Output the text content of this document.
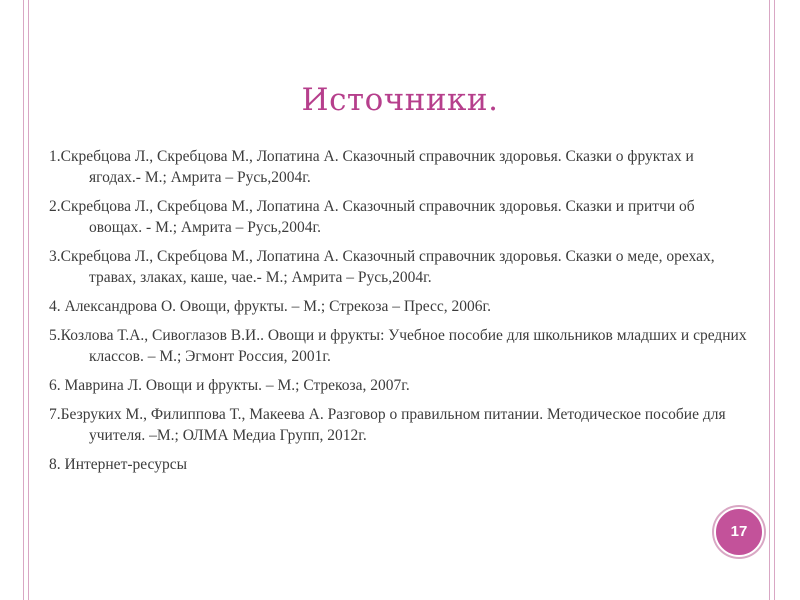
Источники.
1.Скребцова Л., Скребцова М., Лопатина А. Сказочный справочник здоровья. Сказки о фруктах и ягодах.- М.; Амрита – Русь,2004г.
2.Скребцова Л., Скребцова М., Лопатина А. Сказочный справочник здоровья. Сказки и притчи об овощах. - М.; Амрита – Русь,2004г.
3.Скребцова Л., Скребцова М., Лопатина А. Сказочный справочник здоровья. Сказки о меде, орехах, травах, злаках, каше, чае.- М.; Амрита – Русь,2004г.
4. Александрова О. Овощи, фрукты. – М.; Стрекоза – Пресс, 2006г.
5.Козлова Т.А., Сивоглазов В.И.. Овощи и фрукты: Учебное пособие для школьников младших и средних классов. – М.; Эгмонт Россия, 2001г.
6. Маврина Л. Овощи и фрукты. – М.; Стрекоза, 2007г.
7.Безруких М., Филиппова Т., Макеева А. Разговор о правильном питании. Методическое пособие для учителя. –М.; ОЛМА Медиа Групп, 2012г.
8. Интернет-ресурсы
17
